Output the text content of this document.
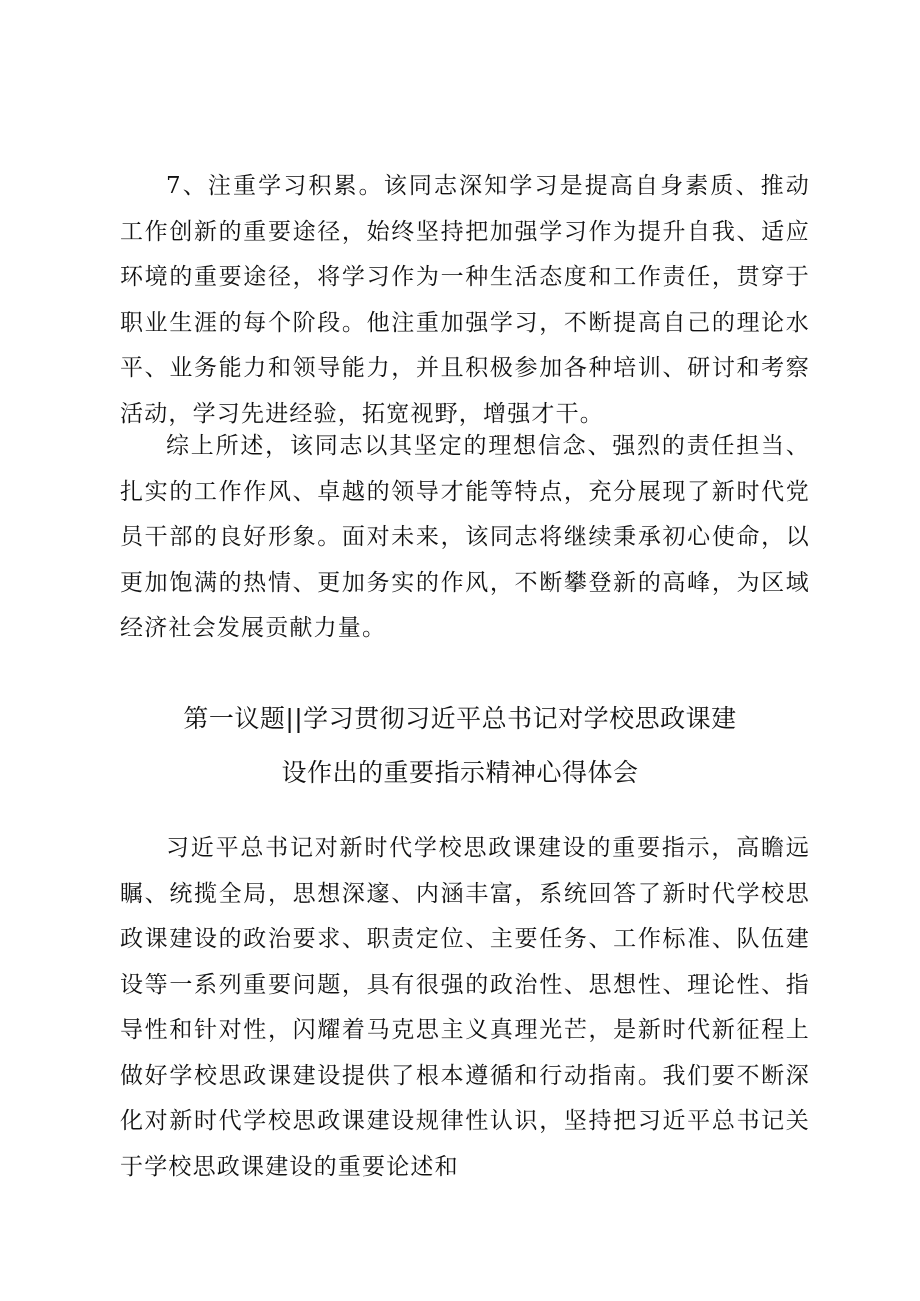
7、注重学习积累。该同志深知学习是提高自身素质、推动工作创新的重要途径，始终坚持把加强学习作为提升自我、适应环境的重要途径，将学习作为一种生活态度和工作责任，贯穿于职业生涯的每个阶段。他注重加强学习，不断提高自己的理论水平、业务能力和领导能力，并且积极参加各种培训、研讨和考察活动，学习先进经验，拓宽视野，增强才干。

综上所述，该同志以其坚定的理想信念、强烈的责任担当、扎实的工作作风、卓越的领导才能等特点，充分展现了新时代党员干部的良好形象。面对未来，该同志将继续秉承初心使命，以更加饱满的热情、更加务实的作风，不断攀登新的高峰，为区域经济社会发展贡献力量。

第一议题||学习贯彻习近平总书记对学校思政课建
设作出的重要指示精神心得体会

习近平总书记对新时代学校思政课建设的重要指示，高瞻远瞩、统揽全局，思想深邃、内涵丰富，系统回答了新时代学校思政课建设的政治要求、职责定位、主要任务、工作标准、队伍建设等一系列重要问题，具有很强的政治性、思想性、理论性、指导性和针对性，闪耀着马克思主义真理光芒，是新时代新征程上做好学校思政课建设提供了根本遵循和行动指南。我们要不断深化对新时代学校思政课建设规律性认识，坚持把习近平总书记关于学校思政课建设的重要论述和
